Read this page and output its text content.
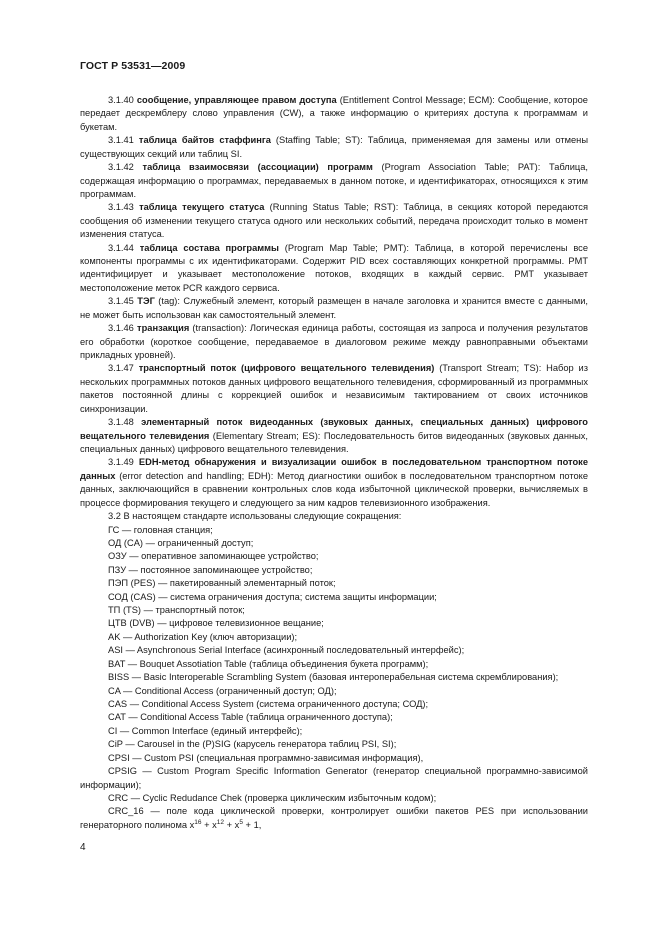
ГОСТ Р 53531—2009

3.1.40 сообщение, управляющее правом доступа (Entitlement Control Message; ECM): Сообщение, которое передает дескремблеру слово управления (CW), а также информацию о критериях доступа к программам и букетам.

3.1.41 таблица байтов стаффинга (Staffing Table; ST): Таблица, применяемая для замены или отмены существующих секций или таблиц SI.

3.1.42 таблица взаимосвязи (ассоциации) программ (Program Association Table; PAT): Таблица, содержащая информацию о программах, передаваемых в данном потоке, и идентификаторах, относящихся к этим программам.

3.1.43 таблица текущего статуса (Running Status Table; RST): Таблица, в секциях которой передаются сообщения об изменении текущего статуса одного или нескольких событий, передача происходит только в момент изменения статуса.

3.1.44 таблица состава программы (Program Map Table; PMT): Таблица, в которой перечислены все компоненты программы с их идентификаторами. Содержит PID всех составляющих конкретной программы. PMT идентифицирует и указывает местоположение потоков, входящих в каждый сервис. PMT указывает местоположение меток PCR каждого сервиса.

3.1.45 ТЭГ (tag): Служебный элемент, который размещен в начале заголовка и хранится вместе с данными, не может быть использован как самостоятельный элемент.

3.1.46 транзакция (transaction): Логическая единица работы, состоящая из запроса и получения результатов его обработки (короткое сообщение, передаваемое в диалоговом режиме между равноправными объектами прикладных уровней).

3.1.47 транспортный поток (цифрового вещательного телевидения) (Transport Stream; TS): Набор из нескольких программных потоков данных цифрового вещательного телевидения, сформированный из программных пакетов постоянной длины с коррекцией ошибок и независимым тактированием от своих источников синхронизации.

3.1.48 элементарный поток видеоданных (звуковых данных, специальных данных) цифрового вещательного телевидения (Elementary Stream; ES): Последовательность битов видеоданных (звуковых данных, специальных данных) цифрового вещательного телевидения.

3.1.49 EDH-метод обнаружения и визуализации ошибок в последовательном транспортном потоке данных (error detection and handling; EDH): Метод диагностики ошибок в последовательном транспортном потоке данных, заключающийся в сравнении контрольных слов кода избыточной циклической проверки, вычисляемых в процессе формирования текущего и следующего за ним кадров телевизионного изображения.

3.2 В настоящем стандарте использованы следующие сокращения:

ГС — головная станция;

ОД (CA) — ограниченный доступ;

ОЗУ — оперативное запоминающее устройство;

ПЗУ — постоянное запоминающее устройство;

ПЭП (PES) — пакетированный элементарный поток;

СОД (CAS) — система ограничения доступа; система защиты информации;

ТП (TS) — транспортный поток;

ЦТВ (DVB) — цифровое телевизионное вещание;

AK — Authorization Key (ключ авторизации);

ASI — Asynchronous Serial Interface (асинхронный последовательный интерфейс);

BAT — Bouquet Assotiation Table (таблица объединения букета программ);

BISS — Basic Interoperable Scrambling System (базовая интероперабельная система скремблирования);

CA — Conditional Access (ограниченный доступ; ОД);

CAS — Conditional Access System (система ограниченного доступа; СОД);

CAT — Conditional Access Table (таблица ограниченного доступа);

CI — Common Interface (единый интерфейс);

CiP — Carousel in the (P)SIG (карусель генератора таблиц PSI, SI);

CPSI — Custom PSI (специальная программно-зависимая информация),

CPSIG — Custom Program Specific Information Generator (генератор специальной программно-зависимой информации);

CRC — Cyclic Redudance Chek (проверка циклическим избыточным кодом);

CRC_16 — поле кода циклической проверки, контролирует ошибки пакетов PES при использовании генераторного полинома $x^{16} + x^{12} + x^5 + 1$,

4
